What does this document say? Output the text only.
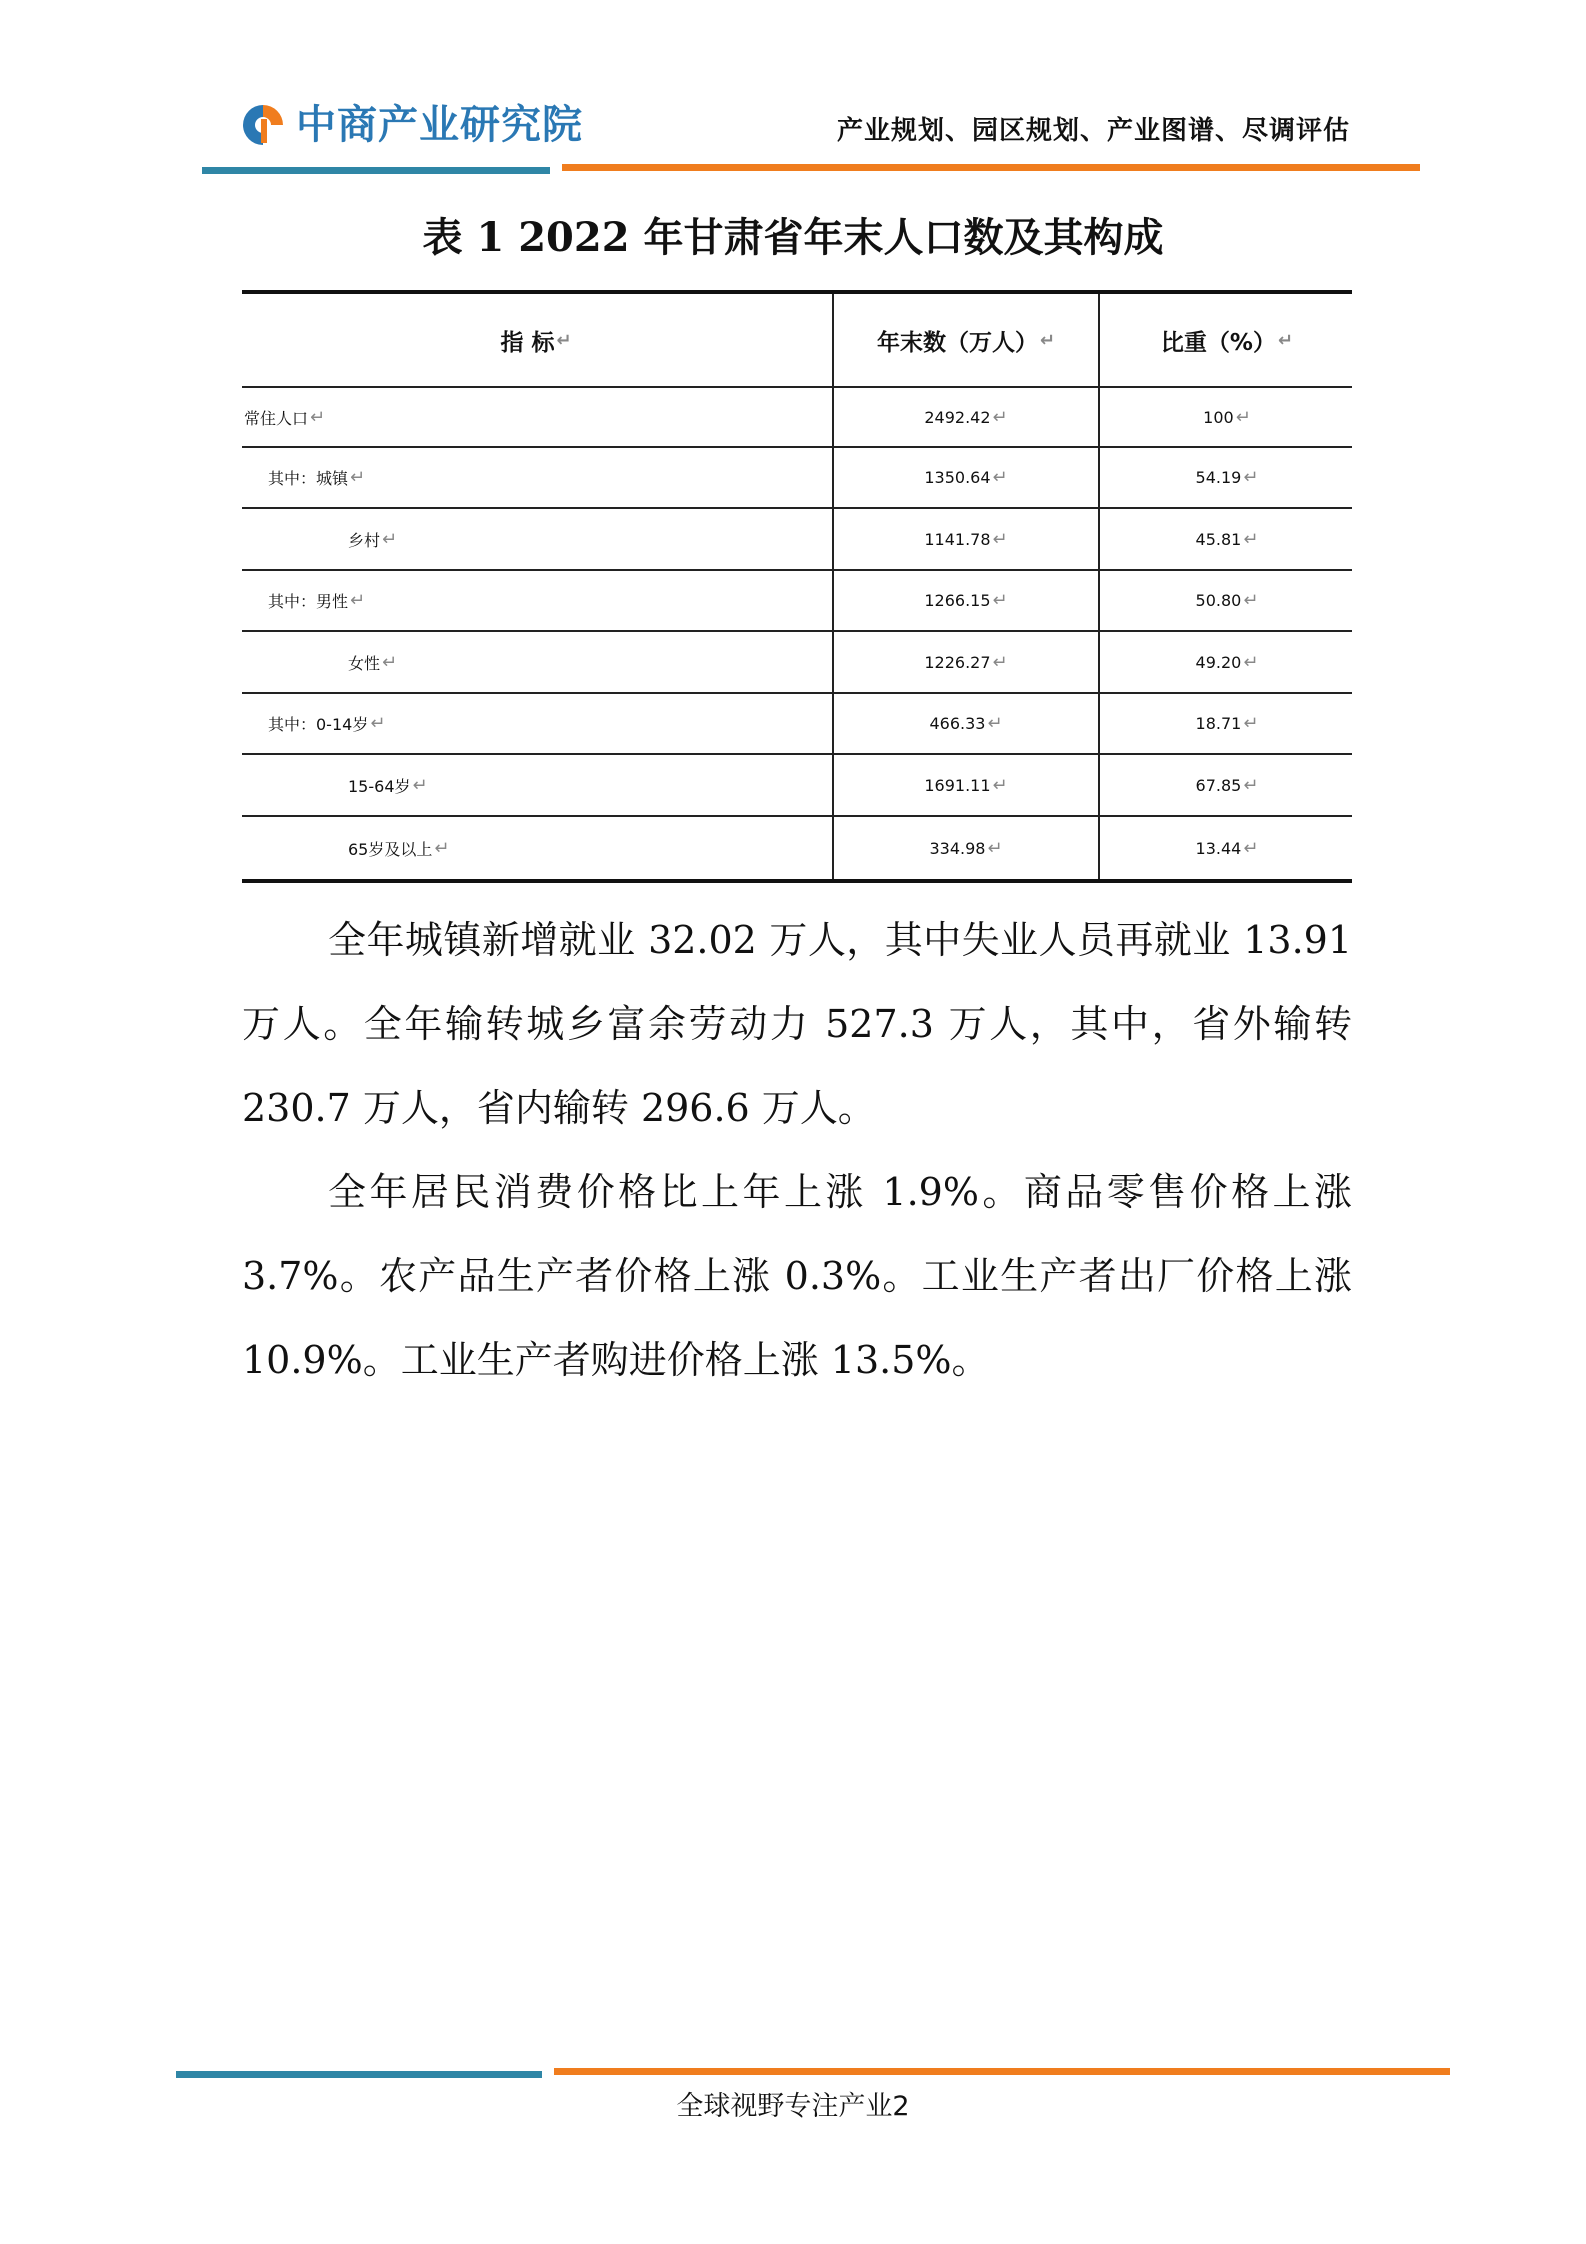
中商产业研究院	产业规划、园区规划、产业图谱、尽调评估
表 1 2022 年甘肃省年末人口数及其构成
指 标 ↵	年末数（万人） ↵	比重（%） ↵
常住人口 ↵	2492.42 ↵	100 ↵
其中：城镇 ↵	1350.64 ↵	54.19 ↵
乡村 ↵	1141.78 ↵	45.81 ↵
其中：男性 ↵	1266.15 ↵	50.80 ↵
女性 ↵	1226.27 ↵	49.20 ↵
其中：0-14岁 ↵	466.33 ↵	18.71 ↵
15-64岁 ↵	1691.11 ↵	67.85 ↵
65岁及以上 ↵	334.98 ↵	13.44 ↵

全年城镇新增就业 32.02 万人，其中失业人员再就业 13.91 万人。全年输转城乡富余劳动力 527.3 万人，其中，省外输转 230.7 万人，省内输转 296.6 万人。

全年居民消费价格比上年上涨 1.9%。商品零售价格上涨 3.7%。农产品生产者价格上涨 0.3%。工业生产者出厂价格上涨 10.9%。工业生产者购进价格上涨 13.5%。

全球视野专注产业2
